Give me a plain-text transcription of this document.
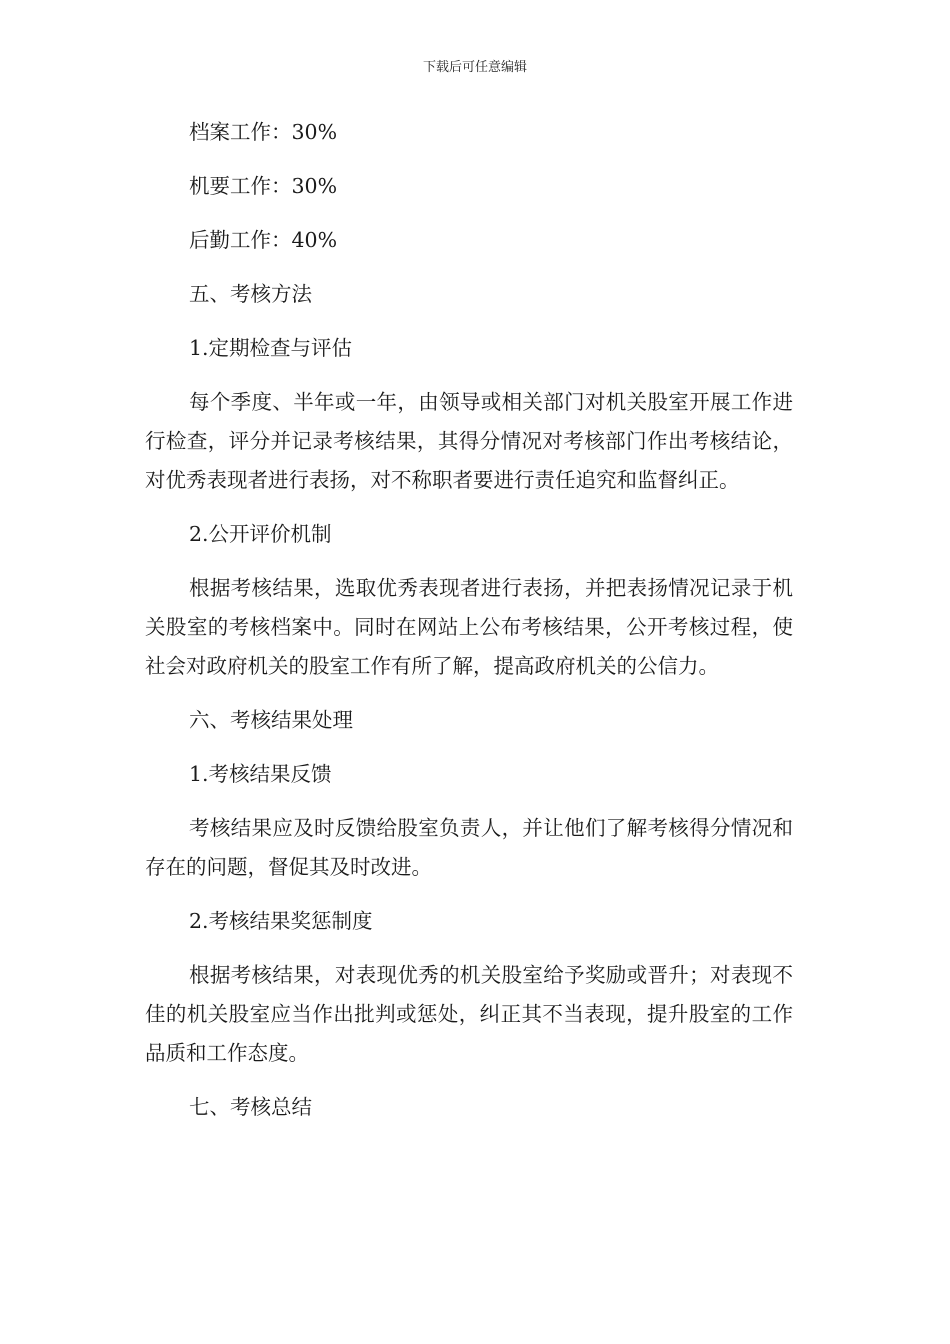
下载后可任意编辑
档案工作：30%
机要工作：30%
后勤工作：40%
五、考核方法
1.定期检查与评估
每个季度、半年或一年，由领导或相关部门对机关股室开展工作进行检查，评分并记录考核结果，其得分情况对考核部门作出考核结论，对优秀表现者进行表扬，对不称职者要进行责任追究和监督纠正。
2.公开评价机制
根据考核结果，选取优秀表现者进行表扬，并把表扬情况记录于机关股室的考核档案中。同时在网站上公布考核结果，公开考核过程，使社会对政府机关的股室工作有所了解，提高政府机关的公信力。
六、考核结果处理
1.考核结果反馈
考核结果应及时反馈给股室负责人，并让他们了解考核得分情况和存在的问题，督促其及时改进。
2.考核结果奖惩制度
根据考核结果，对表现优秀的机关股室给予奖励或晋升；对表现不佳的机关股室应当作出批判或惩处，纠正其不当表现，提升股室的工作品质和工作态度。
七、考核总结
